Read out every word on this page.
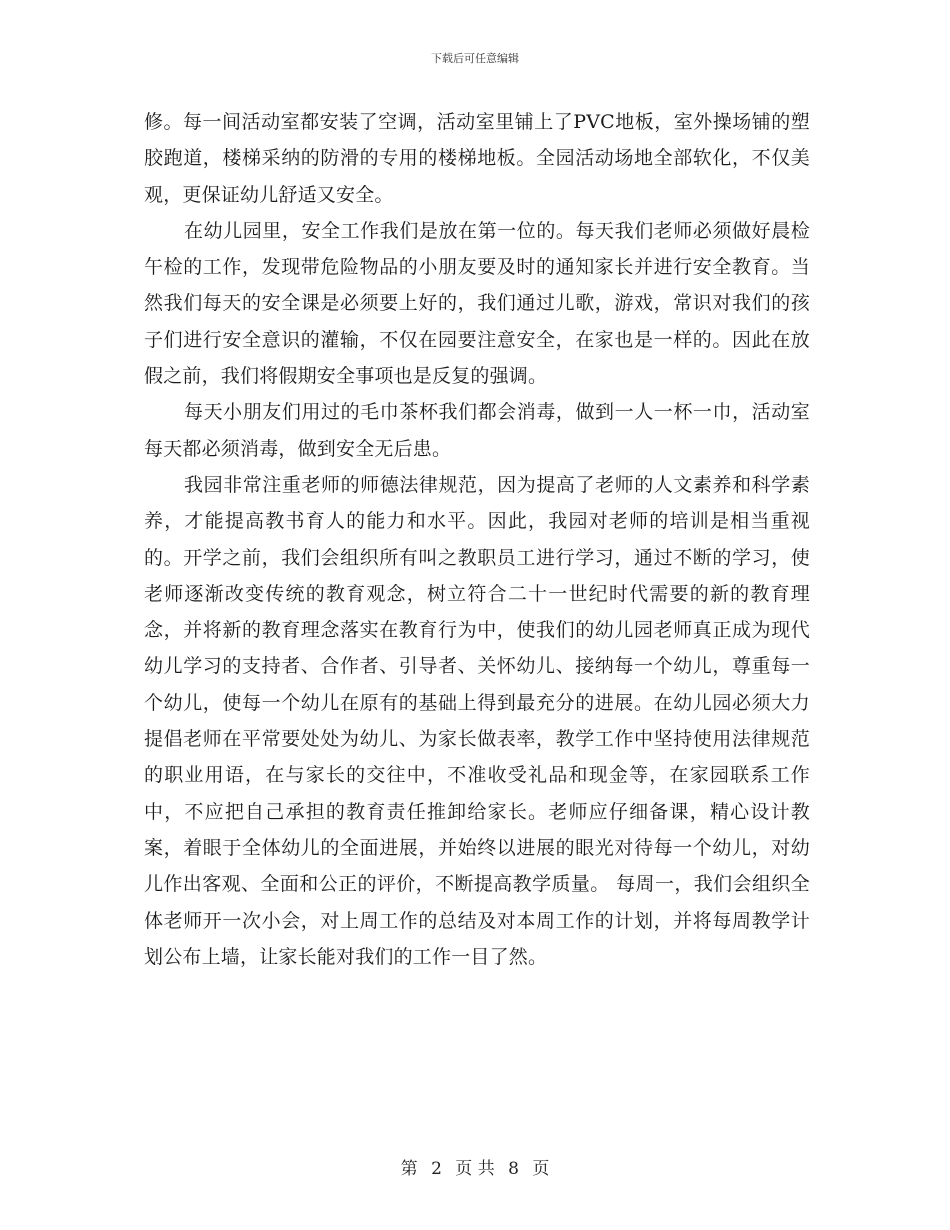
下载后可任意编辑

修。每一间活动室都安装了空调，活动室里铺上了PVC地板，室外操场铺的塑胶跑道，楼梯采纳的防滑的专用的楼梯地板。全园活动场地全部软化，不仅美观，更保证幼儿舒适又安全。

在幼儿园里，安全工作我们是放在第一位的。每天我们老师必须做好晨检午检的工作，发现带危险物品的小朋友要及时的通知家长并进行安全教育。当然我们每天的安全课是必须要上好的，我们通过儿歌，游戏，常识对我们的孩子们进行安全意识的灌输，不仅在园要注意安全，在家也是一样的。因此在放假之前，我们将假期安全事项也是反复的强调。

每天小朋友们用过的毛巾茶杯我们都会消毒，做到一人一杯一巾，活动室每天都必须消毒，做到安全无后患。

我园非常注重老师的师德法律规范，因为提高了老师的人文素养和科学素养，才能提高教书育人的能力和水平。因此，我园对老师的培训是相当重视的。开学之前，我们会组织所有叫之教职员工进行学习，通过不断的学习，使老师逐渐改变传统的教育观念，树立符合二十一世纪时代需要的新的教育理念，并将新的教育理念落实在教育行为中，使我们的幼儿园老师真正成为现代幼儿学习的支持者、合作者、引导者、关怀幼儿、接纳每一个幼儿，尊重每一个幼儿，使每一个幼儿在原有的基础上得到最充分的进展。在幼儿园必须大力提倡老师在平常要处处为幼儿、为家长做表率，教学工作中坚持使用法律规范的职业用语，在与家长的交往中，不准收受礼品和现金等，在家园联系工作中，不应把自己承担的教育责任推卸给家长。老师应仔细备课，精心设计教案，着眼于全体幼儿的全面进展，并始终以进展的眼光对待每一个幼儿，对幼儿作出客观、全面和公正的评价，不断提高教学质量。 每周一，我们会组织全体老师开一次小会，对上周工作的总结及对本周工作的计划，并将每周教学计划公布上墙，让家长能对我们的工作一目了然。

第 2 页 共 8 页
